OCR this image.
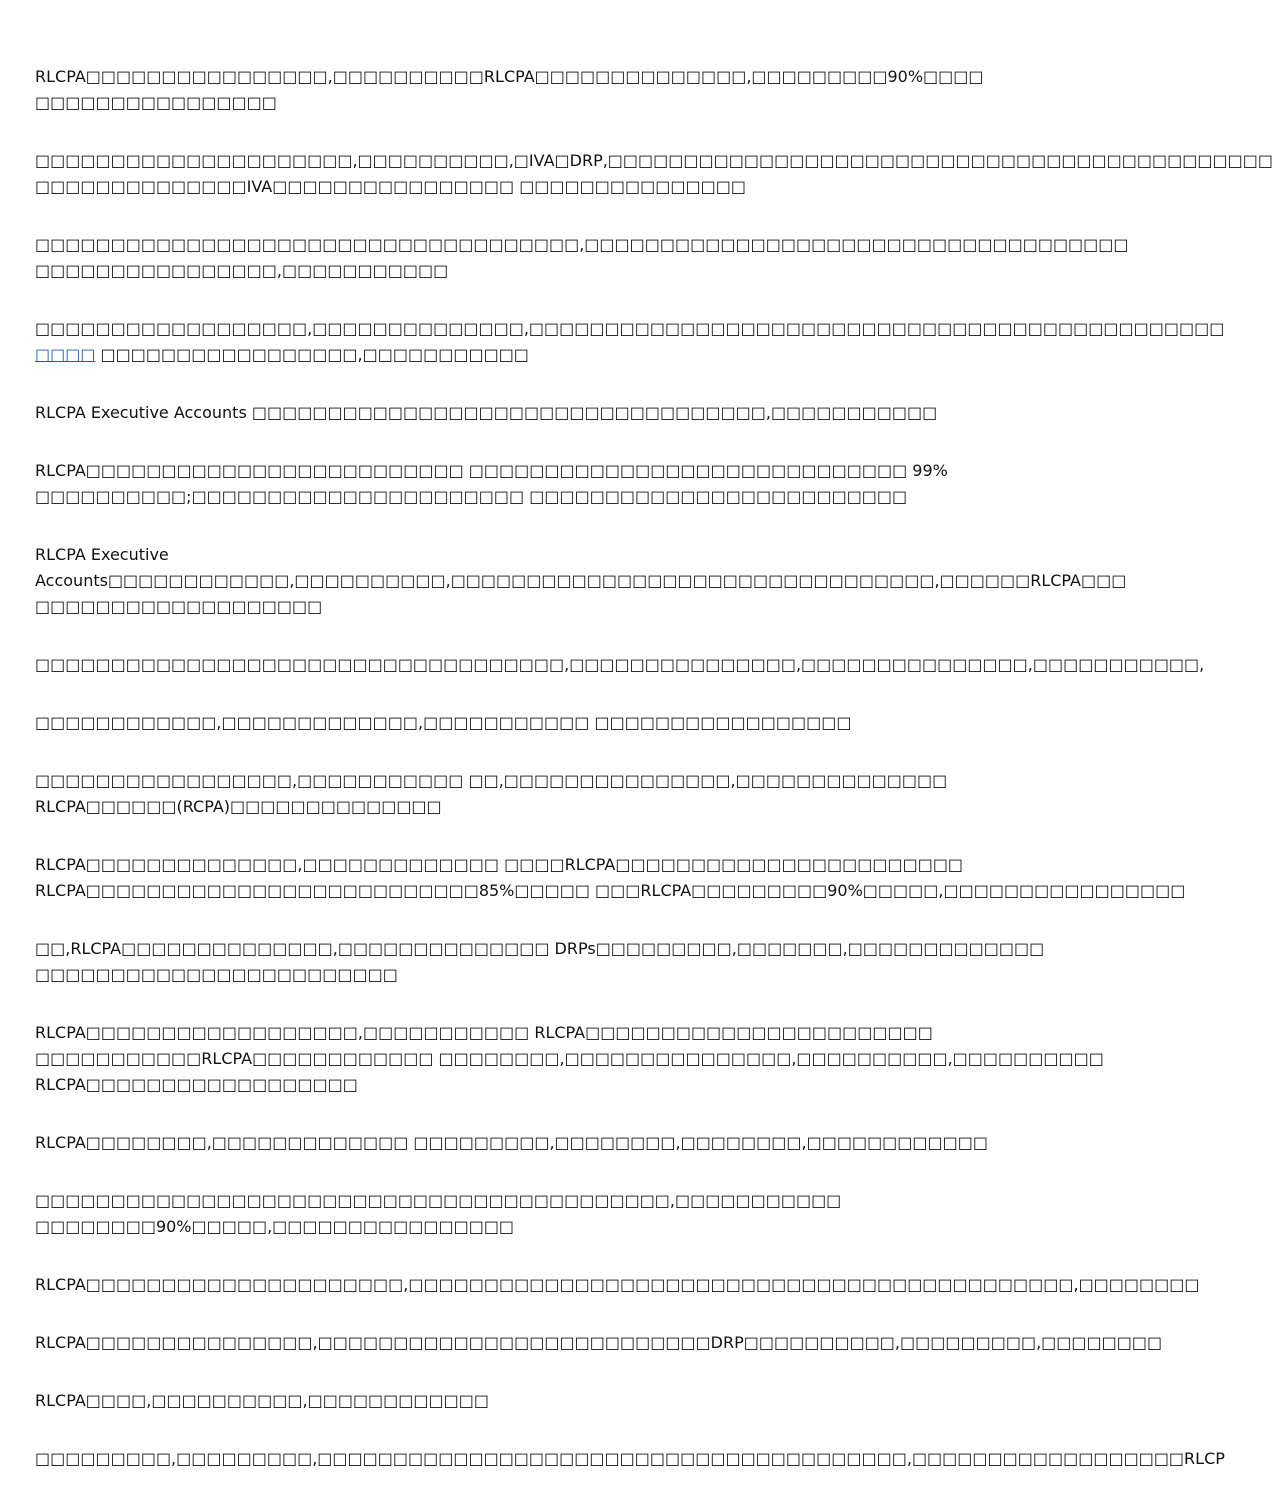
RLCPA□□□□□□□□□□□□□□□□,□□□□□□□□□□RLCPA□□□□□□□□□□□□□□,□□□□□□□□□90%□□□□
□□□□□□□□□□□□□□□□
□□□□□□□□□□□□□□□□□□□□□,□□□□□□□□□□,□IVA□DRP,□□□□□□□□□□□□□□□□□□□□□□□□□□□□□□□□□□□□□□□□□□□□
□□□□□□□□□□□□□□IVA□□□□□□□□□□□□□□□□ □□□□□□□□□□□□□□□
□□□□□□□□□□□□□□□□□□□□□□□□□□□□□□□□□□□□,□□□□□□□□□□□□□□□□□□□□□□□□□□□□□□□□□□□□
□□□□□□□□□□□□□□□□,□□□□□□□□□□□
□□□□□□□□□□□□□□□□□□,□□□□□□□□□□□□□□,□□□□□□□□□□□□□□□□□□□□□□□□□□□□□□□□□□□□□□□□□□□□□□
□□□□ □□□□□□□□□□□□□□□□□,□□□□□□□□□□□
RLCPA Executive Accounts □□□□□□□□□□□□□□□□□□□□□□□□□□□□□□□□□□,□□□□□□□□□□□
RLCPA□□□□□□□□□□□□□□□□□□□□□□□□□ □□□□□□□□□□□□□□□□□□□□□□□□□□□□□ 99%
□□□□□□□□□□;□□□□□□□□□□□□□□□□□□□□□□ □□□□□□□□□□□□□□□□□□□□□□□□□
RLCPA Executive
Accounts□□□□□□□□□□□□,□□□□□□□□□□,□□□□□□□□□□□□□□□□□□□□□□□□□□□□□□□□,□□□□□□RLCPA□□□
□□□□□□□□□□□□□□□□□□□
□□□□□□□□□□□□□□□□□□□□□□□□□□□□□□□□□□□,□□□□□□□□□□□□□□□,□□□□□□□□□□□□□□□,□□□□□□□□□□□,
□□□□□□□□□□□□,□□□□□□□□□□□□□,□□□□□□□□□□□ □□□□□□□□□□□□□□□□□
□□□□□□□□□□□□□□□□□,□□□□□□□□□□□ □□,□□□□□□□□□□□□□□□,□□□□□□□□□□□□□□
RLCPA□□□□□□(RCPA)□□□□□□□□□□□□□□
RLCPA□□□□□□□□□□□□□□,□□□□□□□□□□□□□ □□□□RLCPA□□□□□□□□□□□□□□□□□□□□□□□
RLCPA□□□□□□□□□□□□□□□□□□□□□□□□□□85%□□□□□ □□□RLCPA□□□□□□□□□90%□□□□□,□□□□□□□□□□□□□□□□
□□,RLCPA□□□□□□□□□□□□□□,□□□□□□□□□□□□□□ DRPs□□□□□□□□□,□□□□□□□,□□□□□□□□□□□□□
□□□□□□□□□□□□□□□□□□□□□□□□
RLCPA□□□□□□□□□□□□□□□□□□,□□□□□□□□□□□ RLCPA□□□□□□□□□□□□□□□□□□□□□□□
□□□□□□□□□□□RLCPA□□□□□□□□□□□□ □□□□□□□□,□□□□□□□□□□□□□□□,□□□□□□□□□□,□□□□□□□□□□
RLCPA□□□□□□□□□□□□□□□□□□
RLCPA□□□□□□□□,□□□□□□□□□□□□□ □□□□□□□□□,□□□□□□□□,□□□□□□□□,□□□□□□□□□□□□
□□□□□□□□□□□□□□□□□□□□□□□□□□□□□□□□□□□□□□□□□□,□□□□□□□□□□□
□□□□□□□□90%□□□□□,□□□□□□□□□□□□□□□□
RLCPA□□□□□□□□□□□□□□□□□□□□□,□□□□□□□□□□□□□□□□□□□□□□□□□□□□□□□□□□□□□□□□□□□□,□□□□□□□□
RLCPA□□□□□□□□□□□□□□□,□□□□□□□□□□□□□□□□□□□□□□□□□□DRP□□□□□□□□□□,□□□□□□□□□,□□□□□□□□
RLCPA□□□□,□□□□□□□□□□,□□□□□□□□□□□□
□□□□□□□□□,□□□□□□□□□,□□□□□□□□□□□□□□□□□□□□□□□□□□□□□□□□□□□□□□□,□□□□□□□□□□□□□□□□□□RLCP
